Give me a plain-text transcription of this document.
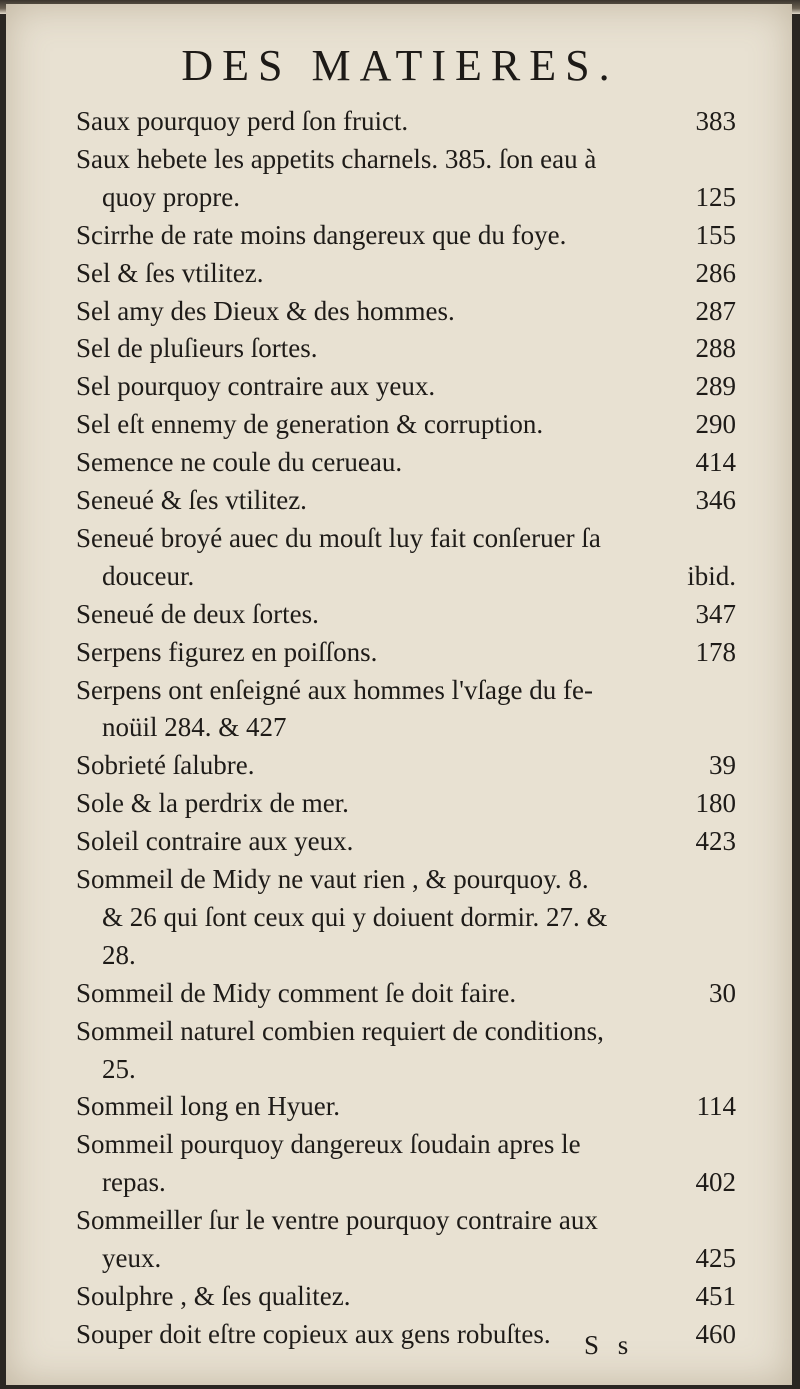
DES MATIERES.
Saux pourquoy perd ſon fruict.	383
Saux hebete les appetits charnels. 385. ſon eau à
quoy propre.	125
Scirrhe de rate moins dangereux que du foye.	155
Sel & ſes vtilitez.	286
Sel amy des Dieux & des hommes.	287
Sel de pluſieurs ſortes.	288
Sel pourquoy contraire aux yeux.	289
Sel eſt ennemy de generation & corruption.	290
Semence ne coule du cerueau.	414
Seneué & ſes vtilitez.	346
Seneué broyé auec du mouſt luy fait conſeruer ſa
douceur.	ibid.
Seneué de deux ſortes.	347
Serpens figurez en poiſſons.	178
Serpens ont enſeigné aux hommes l'vſage du fe-
noüil 284. & 427
Sobrieté ſalubre.	39
Sole & la perdrix de mer.	180
Soleil contraire aux yeux.	423
Sommeil de Midy ne vaut rien , & pourquoy. 8.
& 26 qui ſont ceux qui y doiuent dormir. 27. &
28.
Sommeil de Midy comment ſe doit faire.	30
Sommeil naturel combien requiert de conditions,
25.
Sommeil long en Hyuer.	114
Sommeil pourquoy dangereux ſoudain apres le
repas.	402
Sommeiller ſur le ventre pourquoy contraire aux
yeux.	425
Soulphre , & ſes qualitez.	451
Souper doit eſtre copieux aux gens robuſtes.	460
S s
